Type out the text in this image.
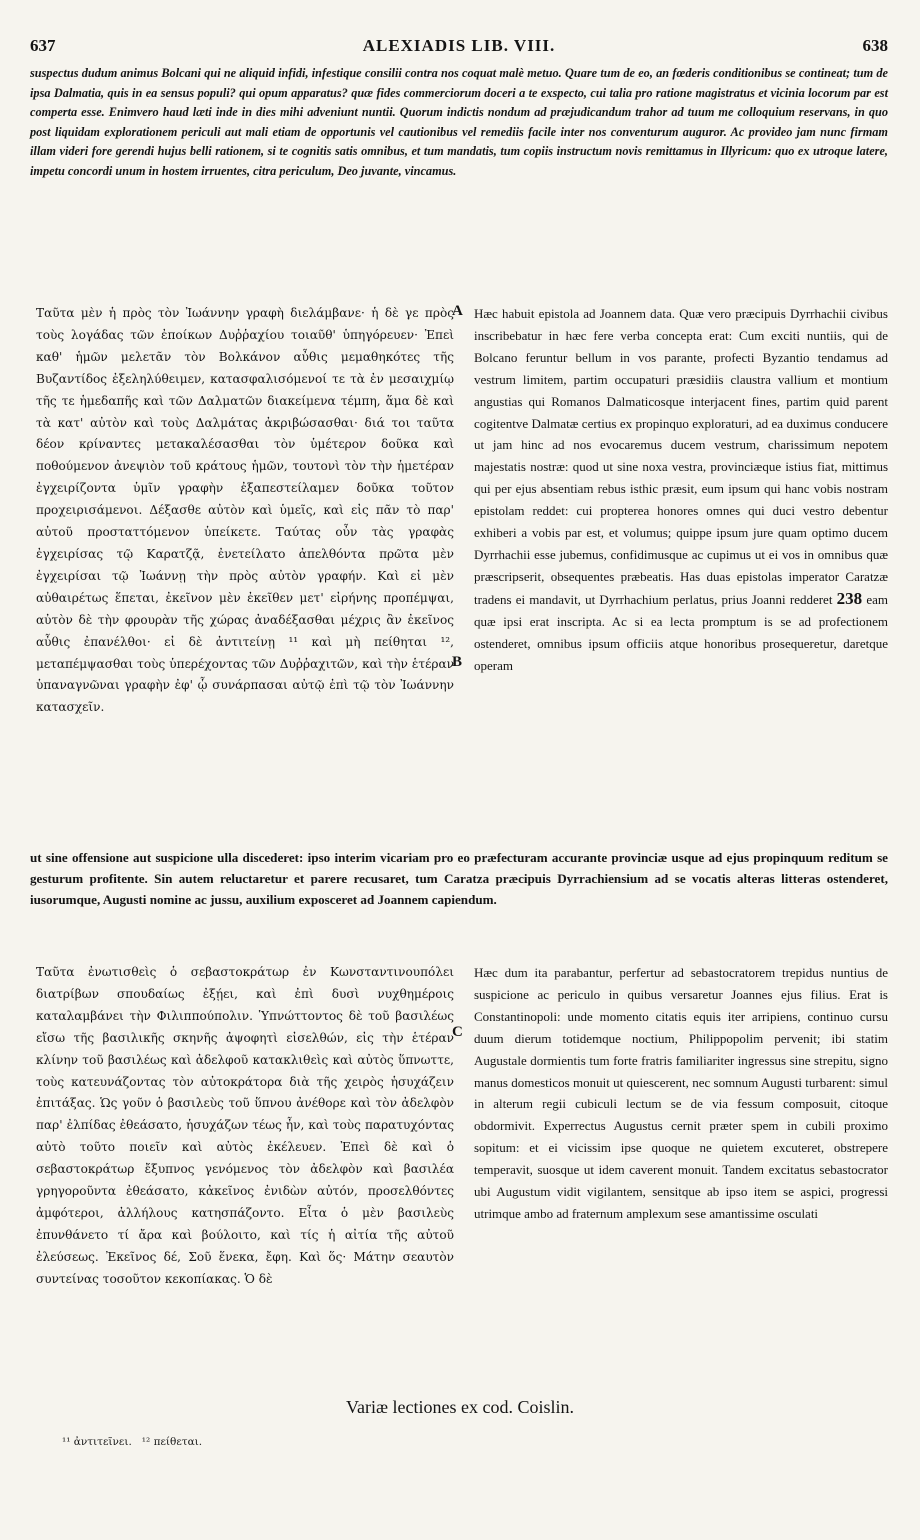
637	ALEXIADIS LIB. VIII.	638

suspectus dudum animus Bolcani qui ne aliquid infidi, infestique consilii contra nos coquat malè metuo. Quare tum de eo, an fœderis conditionibus se contineat; tum de ipsa Dalmatia, quis in ea sensus populi? qui opum apparatus? quæ fides commerciorum doceri a te exspecto, cui talia pro ratione magistratus et vicinia locorum par est comperta esse. Enimvero haud læti inde in dies mihi adveniunt nuntii. Quorum indictis nondum ad præjudicandum trahor ad tuum me colloquium reservans, in quo post liquidam explorationem periculi aut mali etiam de opportunis vel cautionibus vel remediis facile inter nos conventurum auguror. Ac provideo jam nunc firmam illam videri fore gerendi hujus belli rationem, si te cognitis satis omnibus, et tum mandatis, tum copiis instructum novis remittamus in Illyricum: quo ex utroque latere, impetu concordi unum in hostem irruentes, citra periculum, Deo juvante, vincamus.

Ταῦτα μὲν ἡ πρὸς τὸν Ἰωάννην γραφὴ διελάμβανε· ἡ δὲ γε πρὸς τοὺς λογάδας τῶν ἐποίκων Δυῤῥαχίου τοιαῦθ' ὑπηγόρευεν· Ἐπεὶ καθ' ἡμῶν μελετᾶν τὸν Βολκάνον αὖθις μεμαθηκότες τῆς Βυζαντίδος ἐξεληλύθειμεν, κατασφαλισόμενοί τε τὰ ἐν μεσαιχμίῳ τῆς τε ἡμεδαπῆς καὶ τῶν Δαλματῶν διακείμενα τέμπη, ἅμα δὲ καὶ τὰ κατ' αὐτὸν καὶ τοὺς Δαλμάτας ἀκριβώσασθαι· διά τοι ταῦτα δέον κρίναντες μετακαλέσασθαι τὸν ὑμέτερον δοῦκα καὶ ποθούμενον ἀνεψιὸν τοῦ κράτους ἡμῶν, τουτονὶ τὸν τὴν ἡμετέραν ἐγχειρίζοντα ὑμῖν γραφὴν ἐξαπεστείλαμεν δοῦκα τοῦτον προχειρισάμενοι. Δέξασθε αὐτὸν καὶ ὑμεῖς, καὶ εἰς πᾶν τὸ παρ' αὐτοῦ προσταττόμενον ὑπείκετε. Ταύτας οὖν τὰς γραφὰς ἐγχειρίσας τῷ Καρατζᾷ, ἐνετείλατο ἀπελθόντα πρῶτα μὲν ἐγχειρίσαι τῷ Ἰωάννῃ τὴν πρὸς αὐτὸν γραφήν. Καὶ εἰ μὲν αὐθαιρέτως ἕπεται, ἐκεῖνον μὲν ἐκεῖθεν μετ' εἰρήνης προπέμψαι, αὐτὸν δὲ τὴν φρουρὰν τῆς χώρας ἀναδέξασθαι μέχρις ἂν ἐκεῖνος αὖθις ἐπανέλθοι· εἰ δὲ ἀντιτείνῃ ¹¹ καὶ μὴ πείθηται ¹², μεταπέμψασθαι τοὺς ὑπερέχοντας τῶν Δυῤῥαχιτῶν, καὶ τὴν ἑτέραν ὑπαναγνῶναι γραφὴν ἐφ' ᾧ συνάρπασαι αὐτῷ ἐπὶ τῷ τὸν Ἰωάννην κατασχεῖν.

A
B
C

Hæc habuit epistola ad Joannem data. Quæ vero præcipuis Dyrrhachii civibus inscribebatur in hæc fere verba concepta erat: Cum exciti nuntiis, qui de Bolcano feruntur bellum in vos parante, profecti Byzantio tendamus ad vestrum limitem, partim occupaturi præsidiis claustra vallium et montium angustias qui Romanos Dalmaticosque interjacent fines, partim quid parent cogitentve Dalmatæ certius ex propinquo exploraturi, ad ea duximus conducere ut jam hinc ad nos evocaremus ducem vestrum, charissimum nepotem majestatis nostræ: quod ut sine noxa vestra, provinciæque istius fiat, mittimus qui per ejus absentiam rebus isthic præsit, eum ipsum qui hanc vobis nostram epistolam reddet: cui propterea honores omnes qui duci vestro debentur exhiberi a vobis par est, et volumus; quippe ipsum jure quam optimo ducem Dyrrhachii esse jubemus, confidimusque ac cupimus ut ei vos in omnibus quæ præscripserit, obsequentes præbeatis. Has duas epistolas imperator Caratzæ tradens ei mandavit, ut Dyrrhachium perlatus, prius Joanni redderet 238 eam quæ ipsi erat inscripta. Ac si ea lecta promptum is se ad profectionem ostenderet, omnibus ipsum officiis atque honoribus prosequeretur, daretque operam

ut sine offensione aut suspicione ulla discederet: ipso interim vicariam pro eo præfecturam accurante provinciæ usque ad ejus propinquum reditum se gesturum profitente. Sin autem reluctaretur et parere recusaret, tum Caratza præcipuis Dyrrachiensium ad se vocatis alteras litteras ostenderet, iusorumque, Augusti nomine ac jussu, auxilium exposceret ad Joannem capiendum.

Ταῦτα ἐνωτισθεὶς ὁ σεβαστοκράτωρ ἐν Κωνσταντινουπόλει διατρίβων σπουδαίως ἐξῄει, καὶ ἐπὶ δυσὶ νυχθημέροις καταλαμβάνει τὴν Φιλιππούπολιν. Ὑπνώττοντος δὲ τοῦ βασιλέως εἴσω τῆς βασιλικῆς σκηνῆς ἀψοφητὶ εἰσελθών, εἰς τὴν ἑτέραν κλίνην τοῦ βασιλέως καὶ ἀδελφοῦ κατακλιθεὶς καὶ αὐτὸς ὕπνωττε, τοὺς κατευνάζοντας τὸν αὐτοκράτορα διὰ τῆς χειρὸς ἡσυχάζειν ἐπιτάξας. Ὡς γοῦν ὁ βασιλεὺς τοῦ ὕπνου ἀνέθορε καὶ τὸν ἀδελφὸν παρ' ἐλπίδας ἐθεάσατο, ἡσυχάζων τέως ἦν, καὶ τοὺς παρατυχόντας αὐτὸ τοῦτο ποιεῖν καὶ αὐτὸς ἐκέλευεν. Ἐπεὶ δὲ καὶ ὁ σεβαστοκράτωρ ἔξυπνος γενόμενος τὸν ἀδελφὸν καὶ βασιλέα γρηγοροῦντα ἐθεάσατο, κἀκεῖνος ἐνιδὼν αὐτόν, προσελθόντες ἀμφότεροι, ἀλλήλους κατησπάζοντο. Εἶτα ὁ μὲν βασιλεὺς ἐπυνθάνετο τί ἄρα καὶ βούλοιτο, καὶ τίς ἡ αἰτία τῆς αὐτοῦ ἐλεύσεως. Ἐκεῖνος δέ, Σοῦ ἕνεκα, ἔφη. Καὶ ὅς· Μάτην σεαυτὸν συντείνας τοσοῦτον κεκοπίακας. Ὁ δὲ

Hæc dum ita parabantur, perfertur ad sebastocratorem trepidus nuntius de suspicione ac periculo in quibus versaretur Joannes ejus filius. Erat is Constantinopoli: unde momento citatis equis iter arripiens, continuo cursu duum dierum totidemque noctium, Philippopolim pervenit; ibi statim Augustale dormientis tum forte fratris familiariter ingressus sine strepitu, signo manus domesticos monuit ut quiescerent, nec somnum Augusti turbarent: simul in alterum regii cubiculi lectum se de via fessum composuit, citoque obdormivit. Experrectus Augustus cernit præter spem in cubili proximo sopitum: et ei vicissim ipse quoque ne quietem excuteret, obstrepere temperavit, suosque ut idem caverent monuit. Tandem excitatus sebastocrator ubi Augustum vidit vigilantem, sensitque ab ipso item se aspici, progressi utrimque ambo ad fraternum amplexum sese amantissime osculati

Variæ lectiones ex cod. Coislin.
¹¹ ἀντιτεῖνει.   ¹² πείθεται.
